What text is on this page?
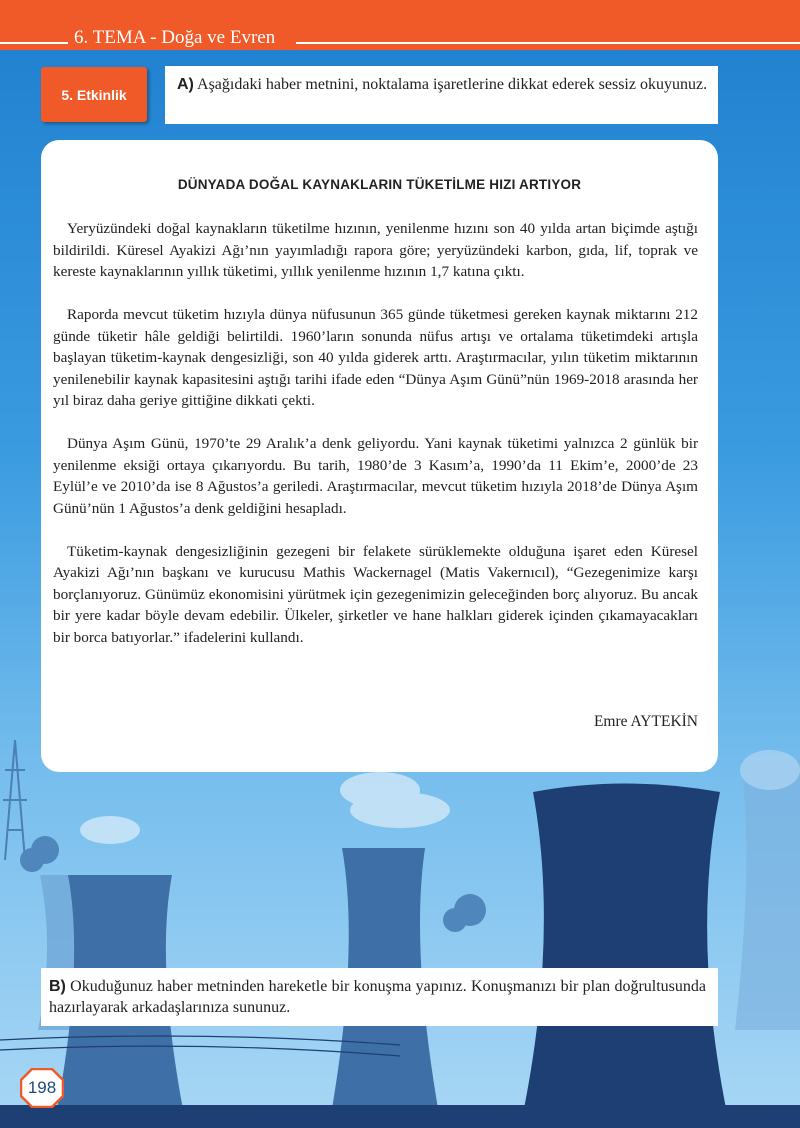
6. TEMA - Doğa ve Evren
5. Etkinlik
A) Aşağıdaki haber metnini, noktalama işaretlerine dikkat ederek sessiz okuyunuz.
DÜNYADA DOĞAL KAYNAKLARIN TÜKETİLME HIZI ARTIYOR

Yeryüzündeki doğal kaynakların tüketilme hızının, yenilenme hızını son 40 yılda artan biçimde aştığı bildirildi. Küresel Ayakizi Ağı’nın yayımladığı rapora göre; yeryüzündeki karbon, gıda, lif, toprak ve kereste kaynaklarının yıllık tüketimi, yıllık yenilenme hızının 1,7 katına çıktı.

Raporda mevcut tüketim hızıyla dünya nüfusunun 365 günde tüketmesi gereken kaynak miktarını 212 günde tüketir hâle geldiği belirtildi. 1960’ların sonunda nüfus artışı ve ortalama tüketimdeki artışla başlayan tüketim-kaynak dengesizliği, son 40 yılda giderek arttı. Araştırmacılar, yılın tüketim miktarının yenilenebilir kaynak kapasitesini aştığı tarihi ifade eden “Dünya Aşım Günü”nün 1969-2018 arasında her yıl biraz daha geriye gittiğine dikkati çekti.

Dünya Aşım Günü, 1970’te 29 Aralık’a denk geliyordu. Yani kaynak tüketimi yalnızca 2 günlük bir yenilenme eksiği ortaya çıkarıyordu. Bu tarih, 1980’de 3 Kasım’a, 1990’da 11 Ekim’e, 2000’de 23 Eylül’e ve 2010’da ise 8 Ağustos’a geriledi. Araştırmacılar, mevcut tüketim hızıyla 2018’de Dünya Aşım Günü’nün 1 Ağustos’a denk geldiğini hesapladı.

Tüketim-kaynak dengesizliğinin gezegeni bir felakete sürüklemekte olduğuna işaret eden Küresel Ayakizi Ağı’nın başkanı ve kurucusu Mathis Wackernagel (Matis Vakernıcıl), “Gezegenimize karşı borçlanıyoruz. Günümüz ekonomisini yürütmek için gezegenimizin geleceğinden borç alıyoruz. Bu ancak bir yere kadar böyle devam edebilir. Ülkeler, şirketler ve hane halkları giderek içinden çıkamayacakları bir borca batıyorlar.” ifadelerini kullandı.

Emre AYTEKİN
B) Okuduğunuz haber metninden hareketle bir konuşma yapınız. Konuşmanızı bir plan doğrultusunda hazırlayarak arkadaşlarınıza sununuz.
198
